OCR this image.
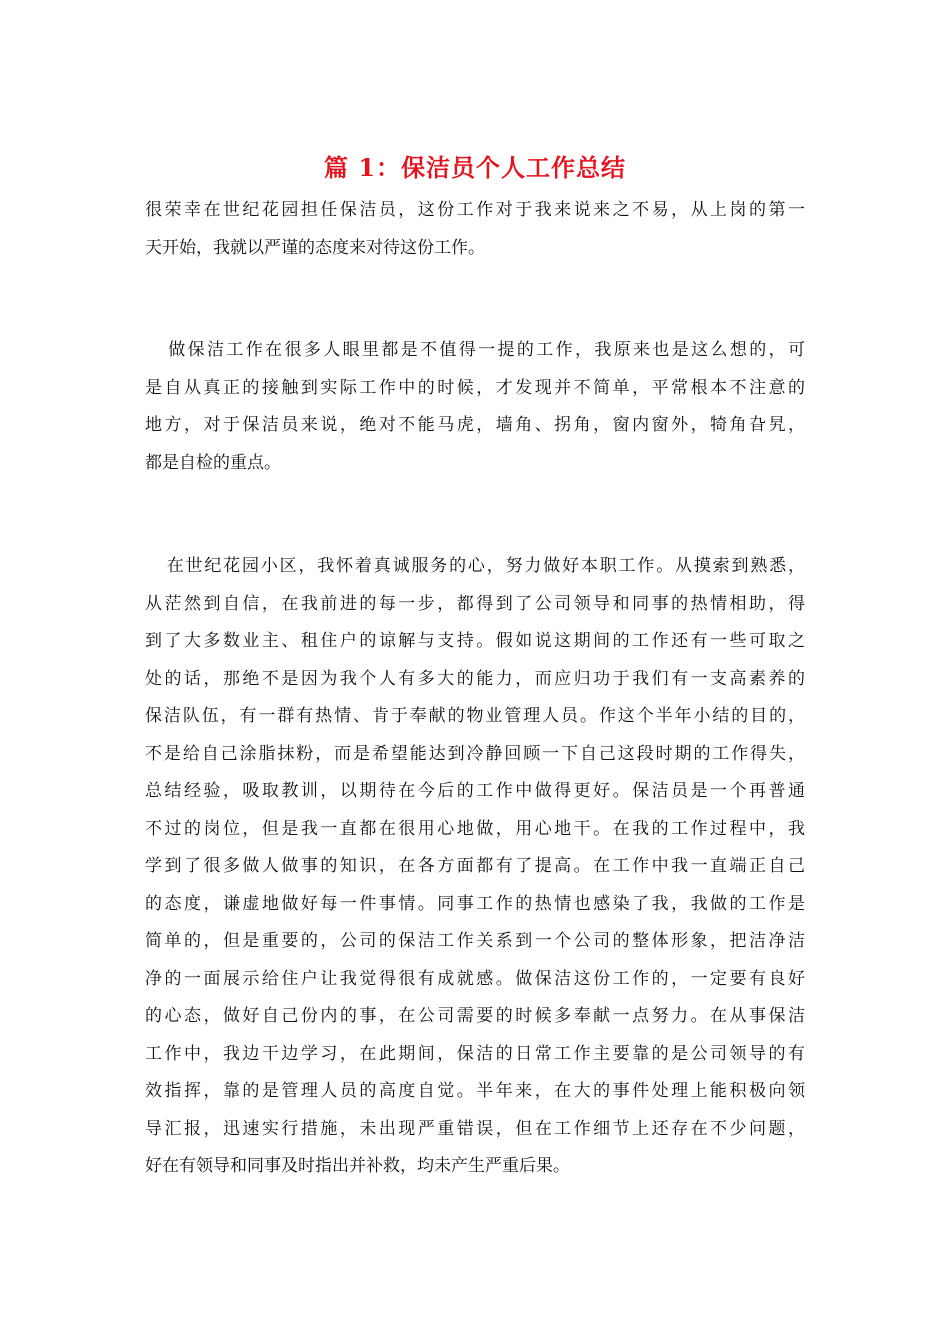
篇 1：保洁员个人工作总结
很荣幸在世纪花园担任保洁员，这份工作对于我来说来之不易，从上岗的第一
天开始，我就以严谨的态度来对待这份工作。
做保洁工作在很多人眼里都是不值得一提的工作，我原来也是这么想的，可
是自从真正的接触到实际工作中的时候，才发现并不简单，平常根本不注意的
地方，对于保洁员来说，绝对不能马虎，墙角、拐角，窗内窗外，犄角旮旯，
都是自检的重点。
在世纪花园小区，我怀着真诚服务的心，努力做好本职工作。从摸索到熟悉，
从茫然到自信，在我前进的每一步，都得到了公司领导和同事的热情相助，得
到了大多数业主、租住户的谅解与支持。假如说这期间的工作还有一些可取之
处的话，那绝不是因为我个人有多大的能力，而应归功于我们有一支高素养的
保洁队伍，有一群有热情、肯于奉献的物业管理人员。作这个半年小结的目的，
不是给自己涂脂抹粉，而是希望能达到冷静回顾一下自己这段时期的工作得失，
总结经验，吸取教训，以期待在今后的工作中做得更好。保洁员是一个再普通
不过的岗位，但是我一直都在很用心地做，用心地干。在我的工作过程中，我
学到了很多做人做事的知识，在各方面都有了提高。在工作中我一直端正自己
的态度，谦虚地做好每一件事情。同事工作的热情也感染了我，我做的工作是
简单的，但是重要的，公司的保洁工作关系到一个公司的整体形象，把洁净洁
净的一面展示给住户让我觉得很有成就感。做保洁这份工作的，一定要有良好
的心态，做好自己份内的事，在公司需要的时候多奉献一点努力。在从事保洁
工作中，我边干边学习，在此期间，保洁的日常工作主要靠的是公司领导的有
效指挥，靠的是管理人员的高度自觉。半年来，在大的事件处理上能积极向领
导汇报，迅速实行措施，未出现严重错误，但在工作细节上还存在不少问题，
好在有领导和同事及时指出并补救，均未产生严重后果。
